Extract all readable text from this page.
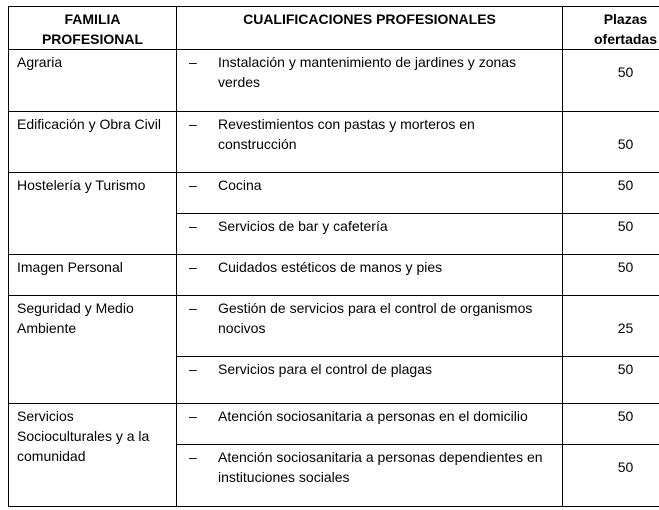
FAMILIA PROFESIONAL	CUALIFICACIONES PROFESIONALES	Plazas ofertadas
Agraria	– Instalación y mantenimiento de jardines y zonas verdes	50
Edificación y Obra Civil	– Revestimientos con pastas y morteros en construcción	50
Hostelería y Turismo	– Cocina	50

	– Servicios de bar y cafetería	50
Imagen Personal	– Cuidados estéticos de manos y pies	50
Seguridad y Medio Ambiente	– Gestión de servicios para el control de organismos nocivos	25

	– Servicios para el control de plagas	50
Servicios Socioculturales y a la comunidad	– Atención sociosanitaria a personas en el domicilio	50

	– Atención sociosanitaria a personas dependientes en instituciones sociales	50
